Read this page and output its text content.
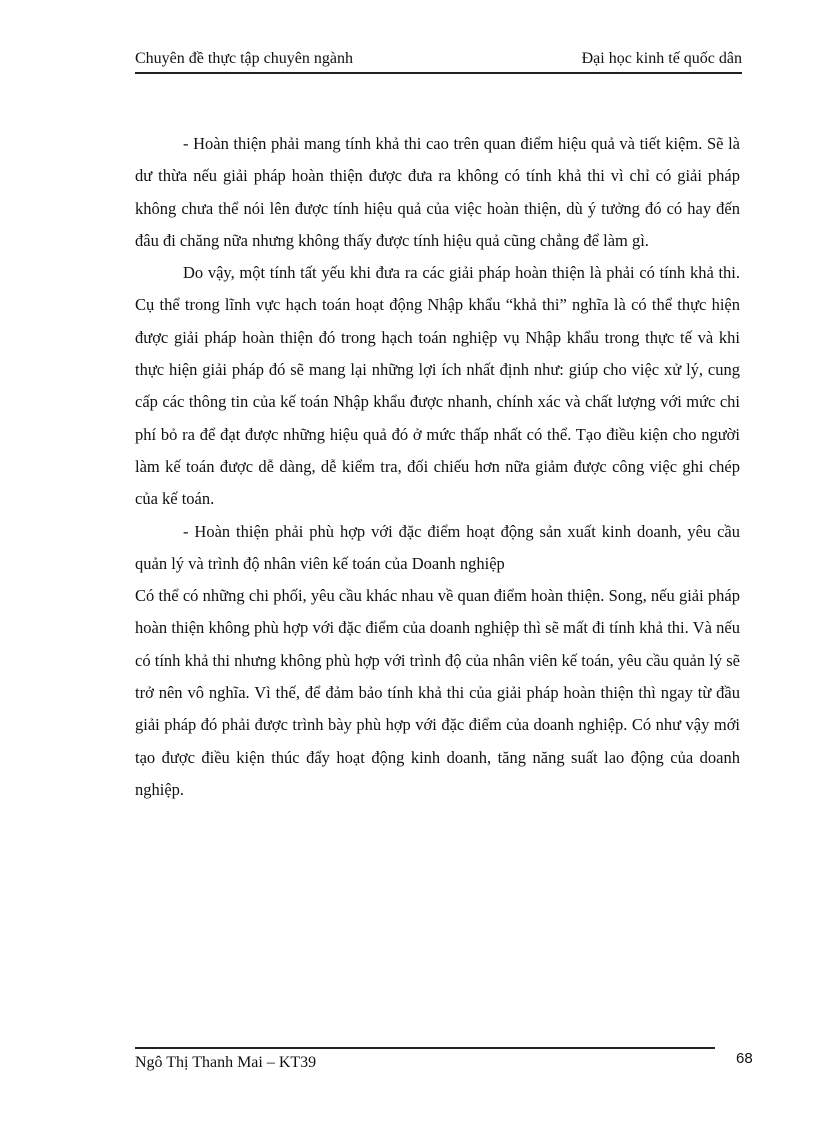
Chuyên đề thực tập chuyên ngành	Đại học kinh tế quốc dân

- Hoàn thiện phải mang tính khả thi cao trên quan điểm hiệu quả và tiết kiệm. Sẽ là dư thừa nếu giải pháp hoàn thiện được đưa ra không có tính khả thi vì chỉ có giải pháp không chưa thể nói lên được tính hiệu quả của việc hoàn thiện, dù ý tưởng đó có hay đến đâu đi chăng nữa nhưng không thấy được tính hiệu quả cũng chẳng để làm gì.

Do vậy, một tính tất yếu khi đưa ra các giải pháp hoàn thiện là phải có tính khả thi. Cụ thể trong lĩnh vực hạch toán hoạt động Nhập khẩu “khả thi” nghĩa là có thể thực hiện được giải pháp hoàn thiện đó trong hạch toán nghiệp vụ Nhập khẩu trong thực tế và khi thực hiện giải pháp đó sẽ mang lại những lợi ích nhất định như: giúp cho việc xử lý, cung cấp các thông tin của kế toán Nhập khẩu được nhanh, chính xác và chất lượng với mức chi phí bỏ ra để đạt được những hiệu quả đó ở mức thấp nhất có thể. Tạo điều kiện cho người làm kế toán được dễ dàng, dễ kiểm tra, đối chiếu hơn nữa giảm được công việc ghi chép của kế toán.

- Hoàn thiện phải phù hợp với đặc điểm hoạt động sản xuất kinh doanh, yêu cầu quản lý và trình độ nhân viên kế toán của Doanh nghiệp

Có thể có những chi phối, yêu cầu khác nhau về quan điểm hoàn thiện. Song, nếu giải pháp hoàn thiện không phù hợp với đặc điểm của doanh nghiệp thì sẽ mất đi tính khả thi. Và nếu có tính khả thi nhưng không phù hợp với trình độ của nhân viên kế toán, yêu cầu quản lý sẽ trở nên vô nghĩa. Vì thế, để đảm bảo tính khả thi của giải pháp hoàn thiện thì ngay từ đầu giải pháp đó phải được trình bày phù hợp với đặc điểm của doanh nghiệp. Có như vậy mới tạo được điều kiện thúc đẩy hoạt động kinh doanh, tăng năng suất lao động của doanh nghiệp.

Ngô Thị Thanh Mai – KT39	68
